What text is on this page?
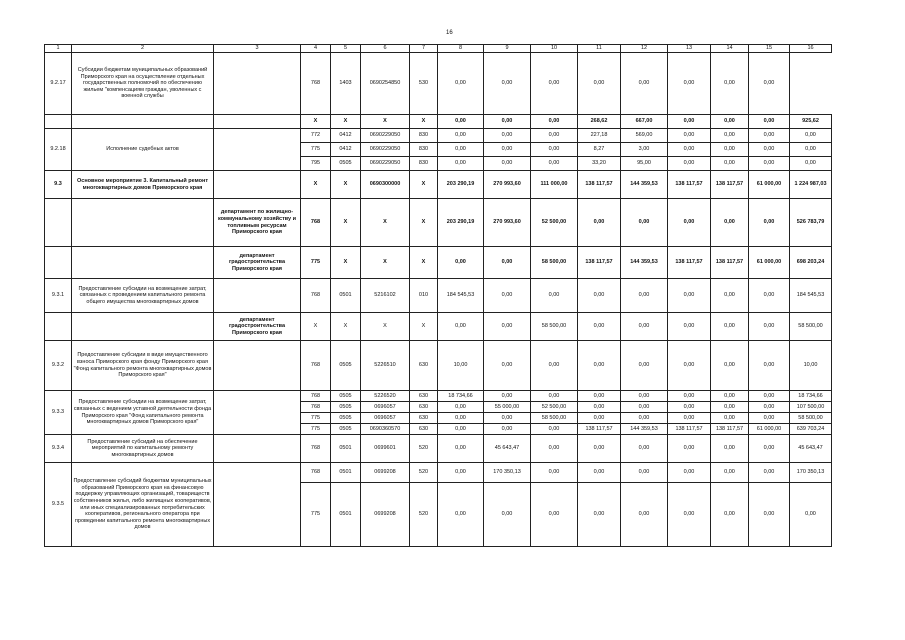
16
1	2	3	4	5	6	7	8	9	10	11	12	13	14	15	16
9.2.17	Субсидии бюджетам муниципальных образований Приморского края на осуществление отдельных государственных полномочий по обеспечению жильем "компенсациям граждан, уволенных с военной службы		768	1403	0690254850	530	0,00	0,00	0,00	0,00	0,00	0,00	0,00	0,00	
			X	X	X	X	0,00	0,00	0,00	268,62	667,00	0,00	0,00	0,00	925,62
9.2.18	Исполнение судебных актов		772	0412	0690229050	830	0,00	0,00	0,00	227,18	569,00	0,00	0,00	0,00	0,00
			775	0412	0690229050	830	0,00	0,00	0,00	8,27	3,00	0,00	0,00	0,00	0,00
			795	0505	0690229050	830	0,00	0,00	0,00	33,20	95,00	0,00	0,00	0,00	0,00
9.3	Основное мероприятие 3. Капитальный ремонт многоквартирных домов Приморского края		X	X	0690300000	X	203 290,19	270 993,60	111 000,00	138 117,57	144 359,53	138 117,57	138 117,57	61 000,00	1 224 987,03
		департамент по жилищно-коммунальному хозяйству и топливным ресурсам Приморского края	768	X	X	X	203 290,19	270 993,60	52 500,00	0,00	0,00	0,00	0,00	0,00	526 783,79
		департамент градостроительства Приморского края	775	X	X	X	0,00	0,00	58 500,00	138 117,57	144 359,53	138 117,57	138 117,57	61 000,00	698 203,24
9.3.1	Предоставление субсидии на возмещение затрат, связанных с проведением капитального ремонта общего имущества многоквартирных домов		768	0501	5216102	010	184 545,53	0,00	0,00	0,00	0,00	0,00	0,00	0,00	184 545,53
		департамент градостроительства Приморского края	X	X	X	X	0,00	0,00	58 500,00	0,00	0,00	0,00	0,00	0,00	58 500,00
9.3.2	Предоставление субсидии в виде имущественного взноса Приморского края фонду Приморского края "Фонд капитального ремонта многоквартирных домов Приморского края"		768	0505	5226510	630	10,00	0,00	0,00	0,00	0,00	0,00	0,00	0,00	10,00
9.3.3	Предоставление субсидии на возмещение затрат, связанных с ведением уставной деятельности фонда Приморского края "Фонд капитального ремонта многоквартирных домов Приморского края"		768	0505	5226520	630	18 734,66	0,00	0,00	0,00	0,00	0,00	0,00	0,00	18 734,66
			768	0505	0696057	630	0,00	55 000,00	52 500,00	0,00	0,00	0,00	0,00	0,00	107 500,00
			775	0505	0696057	630	0,00	0,00	58 500,00	0,00	0,00	0,00	0,00	0,00	58 500,00
			775	0505	0690360570	630	0,00	0,00	0,00	138 117,57	144 359,53	138 117,57	138 117,57	61 000,00	639 703,24
9.3.4	Предоставление субсидий на обеспечение мероприятий по капитальному ремонту многоквартирных домов		768	0501	0699601	520	0,00	45 643,47	0,00	0,00	0,00	0,00	0,00	0,00	45 643,47
9.3.5	Предоставление субсидий бюджетам муниципальных образований Приморского края на финансовую поддержку управляющих организаций, товариществ собственников жилья, либо жилищных кооперативов, или иных специализированных потребительских кооперативов, регионального оператора при проведении капитального ремонта многоквартирных домов		768	0501	0699208	520	0,00	170 350,13	0,00	0,00	0,00	0,00	0,00	0,00	170 350,13
			775	0501	0699208	520	0,00	0,00	0,00	0,00	0,00	0,00	0,00	0,00	0,00
